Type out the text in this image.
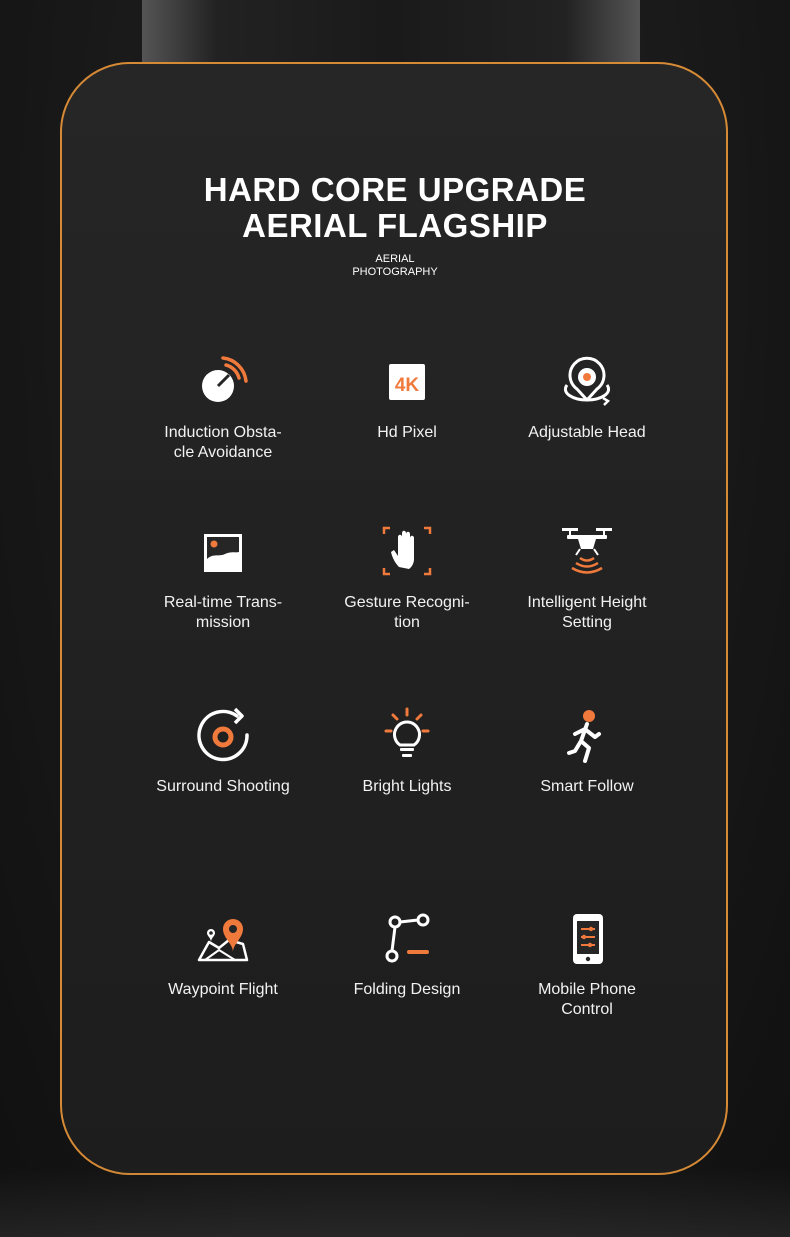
HARD CORE UPGRADE
AERIAL FLAGSHIP
AERIAL
PHOTOGRAPHY
Induction Obsta-
cle Avoidance
4K
Hd Pixel	Adjustable Head
Real-time Trans-
mission
Gesture Recogni-
tion
Intelligent Height
Setting
Surround Shooting	Bright Lights	Smart Follow
Waypoint Flight	Folding Design	Mobile Phone
Control
